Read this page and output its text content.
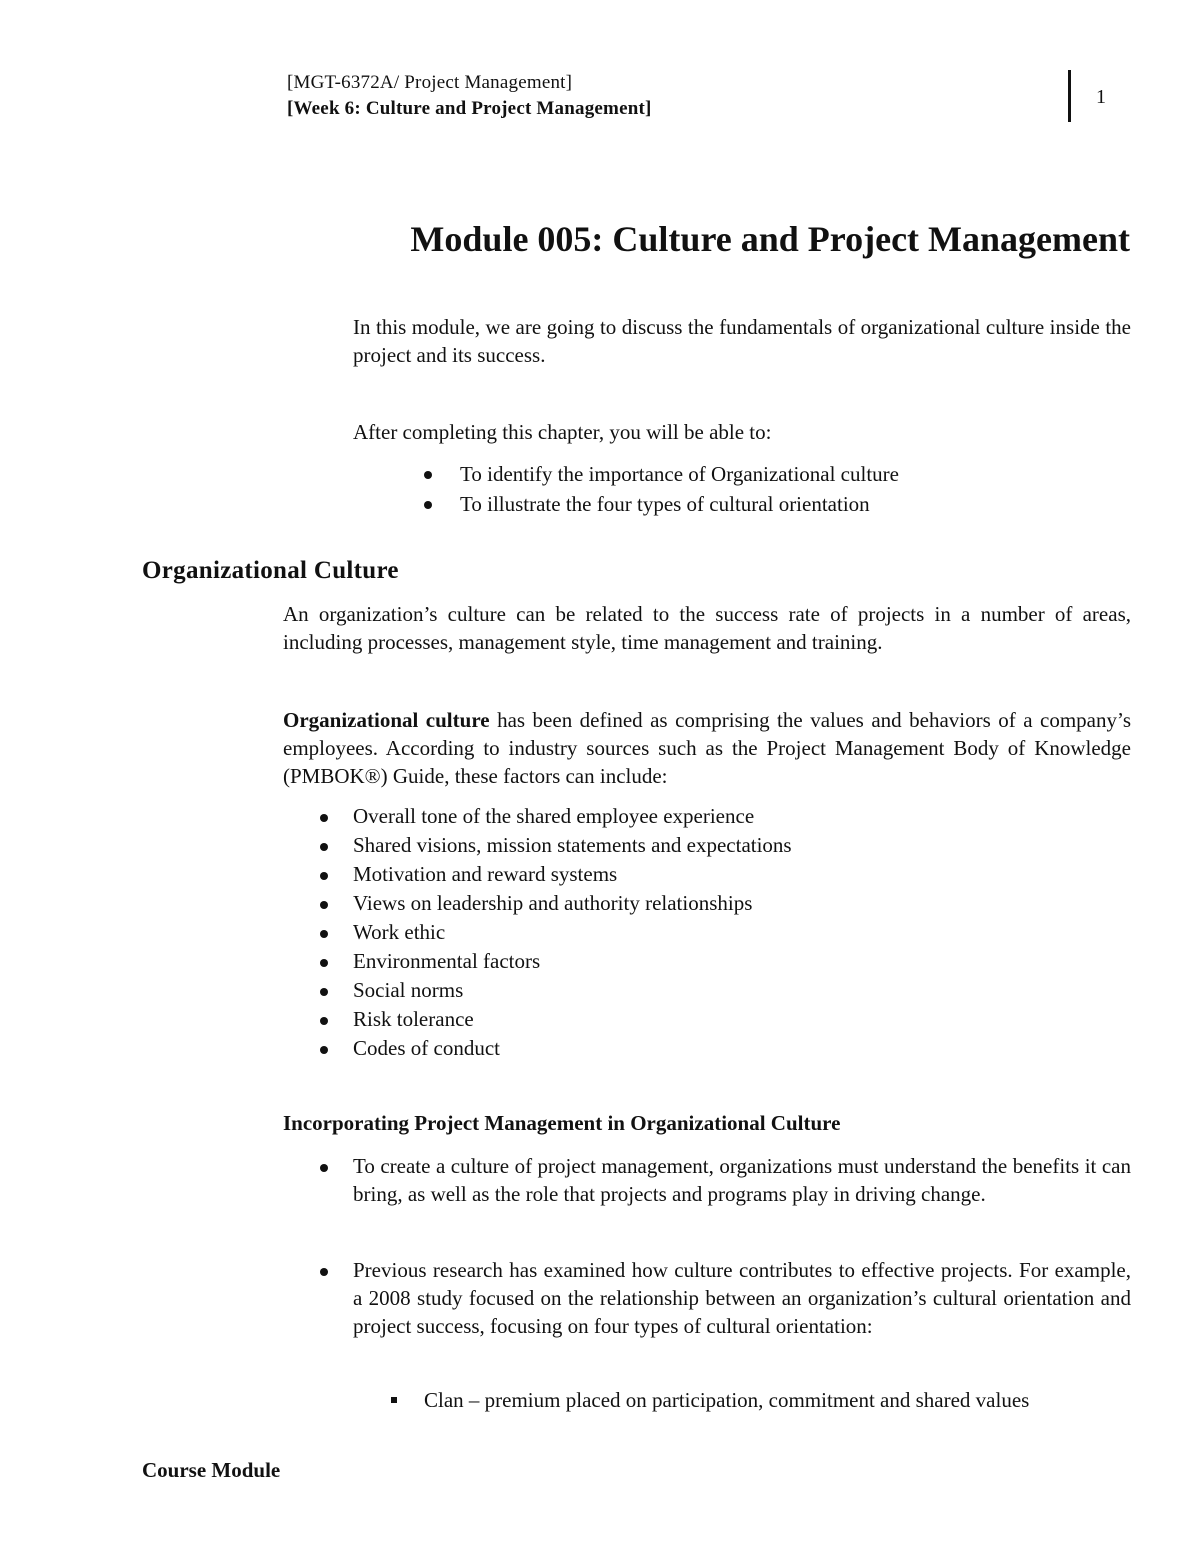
[MGT-6372A/ Project Management]
[Week 6: Culture and Project Management]
1
Module 005: Culture and Project Management

In this module, we are going to discuss the fundamentals of organizational culture inside the project and its success.

After completing this chapter, you will be able to:

To identify the importance of Organizational culture
To illustrate the four types of cultural orientation
Organizational Culture

An organization’s culture can be related to the success rate of projects in a number of areas, including processes, management style, time management and training.

Organizational culture has been defined as comprising the values and behaviors of a company’s employees. According to industry sources such as the Project Management Body of Knowledge (PMBOK®) Guide, these factors can include:

Overall tone of the shared employee experience
Shared visions, mission statements and expectations
Motivation and reward systems
Views on leadership and authority relationships
Work ethic
Environmental factors
Social norms
Risk tolerance
Codes of conduct
Incorporating Project Management in Organizational Culture
To create a culture of project management, organizations must understand the benefits it can bring, as well as the role that projects and programs play in driving change.
Previous research has examined how culture contributes to effective projects. For example, a 2008 study focused on the relationship between an organization’s cultural orientation and project success, focusing on four types of cultural orientation:
Clan – premium placed on participation, commitment and shared values
Course Module
